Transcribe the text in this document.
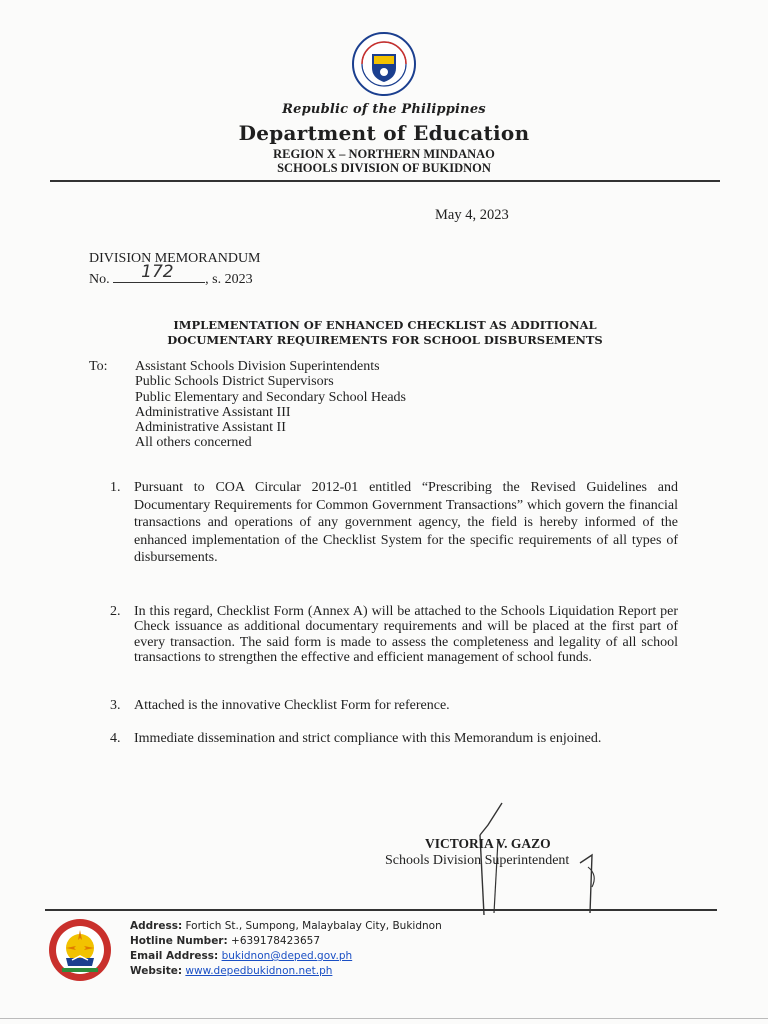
Republic of the Philippines
Department of Education
REGION X – NORTHERN MINDANAO
SCHOOLS DIVISION OF BUKIDNON
May 4, 2023
DIVISION MEMORANDUM
No. 172 , s. 2023
IMPLEMENTATION OF ENHANCED CHECKLIST AS ADDITIONAL
DOCUMENTARY REQUIREMENTS FOR SCHOOL DISBURSEMENTS
To: Assistant Schools Division Superintendents
Public Schools District Supervisors
Public Elementary and Secondary School Heads
Administrative Assistant III
Administrative Assistant II
All others concerned
1. Pursuant to COA Circular 2012-01 entitled “Prescribing the Revised Guidelines and Documentary Requirements for Common Government Transactions” which govern the financial transactions and operations of any government agency, the field is hereby informed of the enhanced implementation of the Checklist System for the specific requirements of all types of disbursements.
2. In this regard, Checklist Form (Annex A) will be attached to the Schools Liquidation Report per Check issuance as additional documentary requirements and will be placed at the first part of every transaction. The said form is made to assess the completeness and legality of all school transactions to strengthen the effective and efficient management of school funds.
3. Attached is the innovative Checklist Form for reference.
4. Immediate dissemination and strict compliance with this Memorandum is enjoined.
VICTORIA V. GAZO
Schools Division Superintendent
Address: Fortich St., Sumpong, Malaybalay City, Bukidnon
Hotline Number: +639178423657
Email Address: bukidnon@deped.gov.ph
Website: www.depedbukidnon.net.ph
